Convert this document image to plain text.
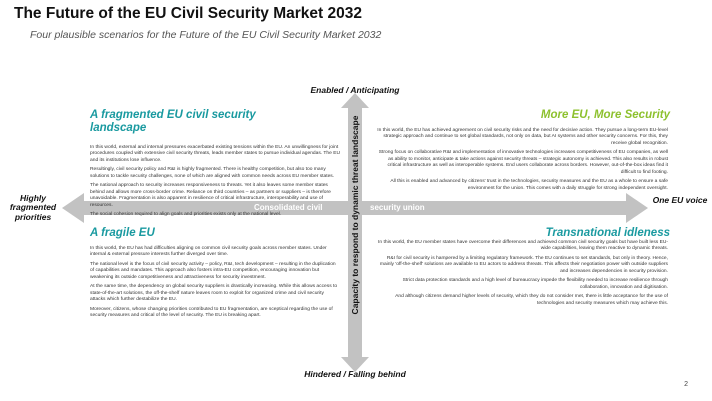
The Future of the EU Civil Security Market 2032
Four plausible scenarios for the Future of the EU Civil Security Market 2032
Consolidated civil	security union
Capacity to respond to dynamic threat landscape
Enabled / Anticipating
Hindered / Falling behind
Highly fragmented priorities
One EU voice
A fragmented EU civil security landscape

In this world, external and internal pressures exacerbated existing tensions within the EU. An unwillingness for joint procedures coupled with extensive civil security threats, leads member states to pursue individual agendas. The EU and its institutions lose influence.

Resultingly, civil security policy and R&I is highly fragmented. There is healthy competition, but also too many solutions to tackle security challenges, none of which are aligned with common needs across EU member states.

The national approach to security increases responsiveness to threats. Yet it also leaves some member states behind and allows more cross-border crime. Reliance on third countries – as partners or suppliers – is therefore unavoidable. Fragmentation is also apparent in resilience of critical infrastructure, interoperability and use of resources.

The social cohesion required to align goals and priorities exists only at the national level.

More EU, More Security

In this world, the EU has achieved agreement on civil security risks and the need for decisive action. They pursue a long-term EU-level strategic approach and continue to set global standards, not only on data, but AI systems and other security concerns. For this, they receive global recognition.

Strong focus on collaborative R&I and implementation of innovative technologies increases competitiveness of EU companies, as well as ability to monitor, anticipate & take actions against security threats – strategic autonomy is achieved. This also results in robust critical infrastructure as well as interoperable systems. End users collaborate across borders. However, out-of-the-box ideas find it difficult to find footing.

All this is enabled and advanced by citizens' trust in the technologies, security measures and the EU as a whole to ensure a safe environment for the union. This comes with a daily struggle for strong independent oversight.

A fragile EU

In this world, the EU has had difficulties aligning on common civil security goals across member states. Under internal & external pressure interests further diverged over time.

The national level is the focus of civil security activity – policy, R&I, tech development – resulting in the duplication of capabilities and mandates. This approach also fosters intra-EU competition, encouraging innovation but weakening its outside competitiveness and attractiveness for security investment.

At the same time, the dependency on global security suppliers is drastically increasing. While this allows access to state-of-the-art solutions, the off-the-shelf nature leaves room to exploit for organized crime and civil security attacks which further destabilize the EU.

Moreover, citizens, whose changing priorities contributed to EU fragmentation, are sceptical regarding the use of security measures and critical of the level of security. The EU is breaking apart.

Transnational idleness

In this world, the EU member states have overcome their differences and achieved common civil security goals but have built less EU-wide capabilities, leaving them reactive to dynamic threats.

R&I for civil security is hampered by a limiting regulatory framework. The EU continues to set standards, but only in theory. Hence, mainly 'off-the-shelf' solutions are available to EU actors to address threats. This affects their negotiation power with outside suppliers and increases dependencies in security provision.

Strict data protection standards and a high level of bureaucracy impede the flexibility needed to increase resilience through collaboration, innovation and digitisation.

And although citizens demand higher levels of security, which they do not consider met, there is little acceptance for the use of technologies and security measures which may achieve this.

2
